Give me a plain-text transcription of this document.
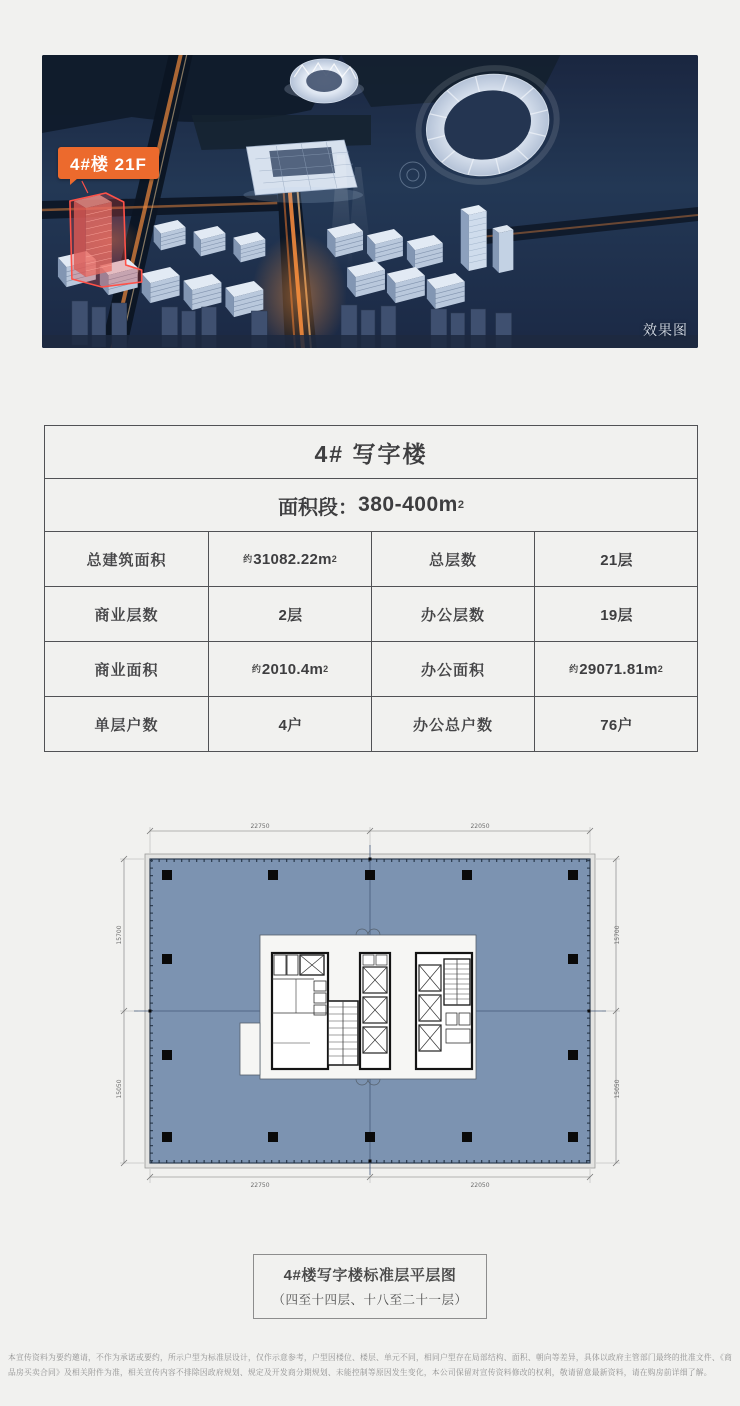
4#楼 21F
效果图
4# 写字楼
面积段： 380-400m 2
总建筑面积	约 31082.22m 2	总层数	21层
商业层数	2层	办公层数	19层
商业面积	约 2010.4m 2	办公面积	约 29071.81m 2
单层户数	4户	办公总户数	76户
22750	22050
22750	22050
15700
15050
15700
15050
4#楼写字楼标准层平层图
（四至十四层、十八至二十一层）
本宣传资料为要约邀请，不作为承诺或要约，所示户型为标准层设计，仅作示意参考，户型因楼位、楼层、单元不同，相同户型存在局部结构、面积、朝向等差异，具体以政府主管部门最终的批准文件、《商品房买卖合同》及相关附件为准，相关宣传内容不排除因政府规划、规定及开发商分期规划、未能控制等原因发生变化，本公司保留对宣传资料修改的权利，敬请留意最新资料，请在购房前详细了解。
